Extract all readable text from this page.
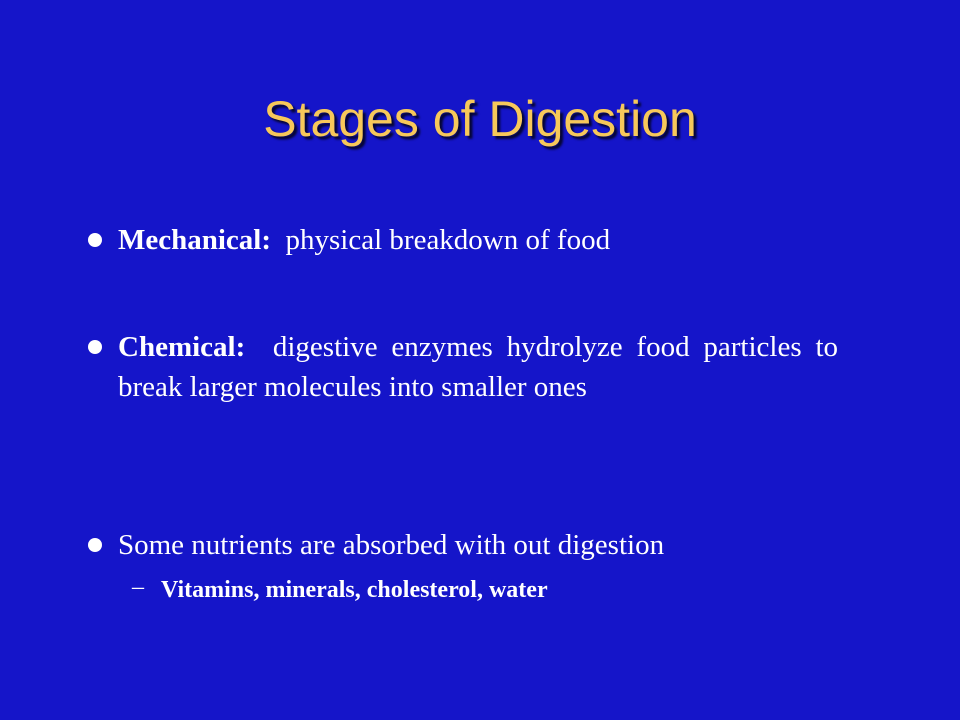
Stages of Digestion
Mechanical: physical breakdown of food
Chemical: digestive enzymes hydrolyze food particles to break larger molecules into smaller ones
Some nutrients are absorbed with out digestion
– Vitamins, minerals, cholesterol, water
